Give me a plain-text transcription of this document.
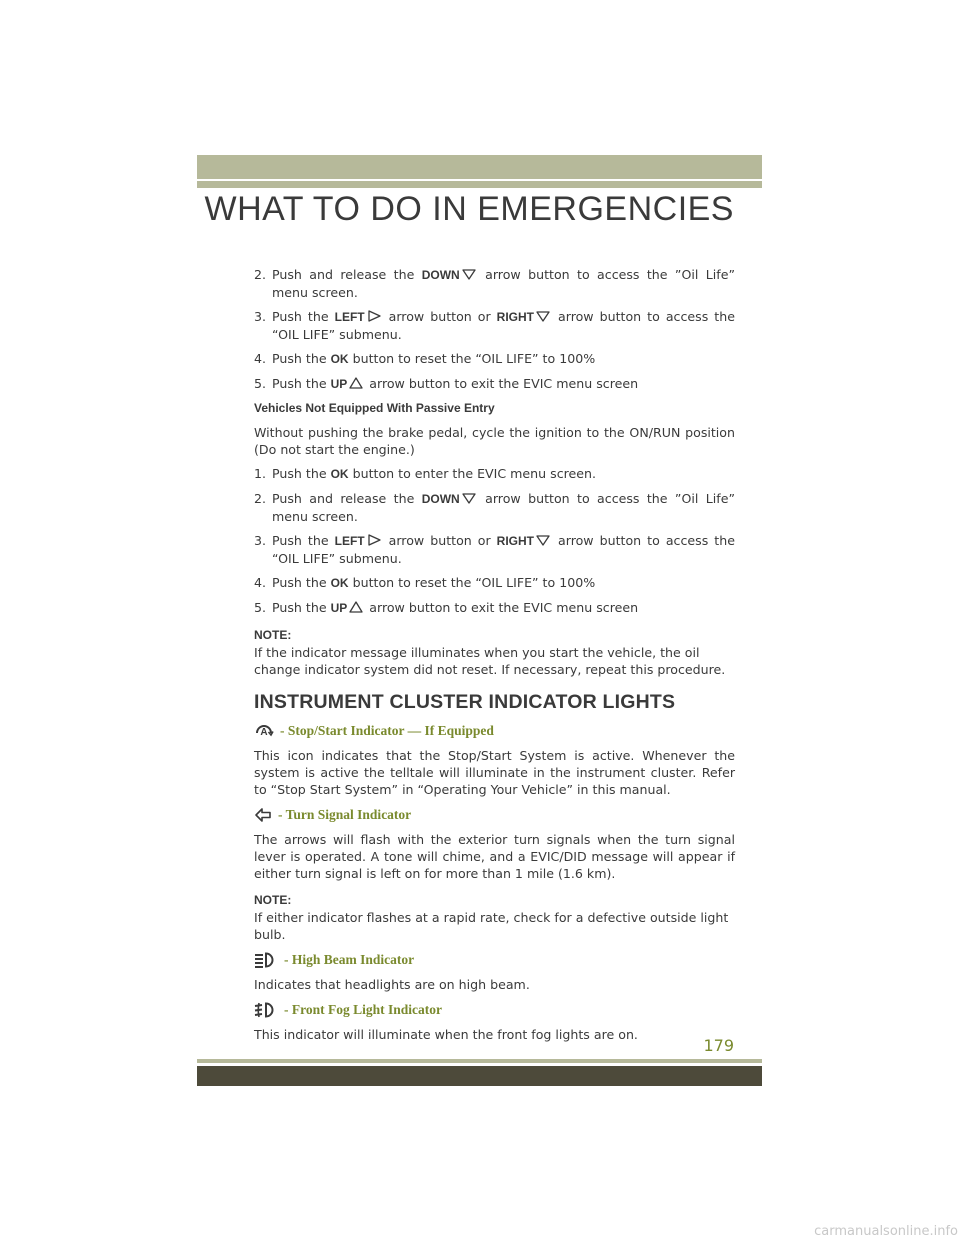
WHAT TO DO IN EMERGENCIES
2. Push and release the DOWN arrow button to access the ”Oil Life” menu screen.
3. Push the LEFT arrow button or RIGHT arrow button to access the “OIL LIFE” submenu.
4. Push the OK button to reset the “OIL LIFE” to 100%
5. Push the UP arrow button to exit the EVIC menu screen
Vehicles Not Equipped With Passive Entry
Without pushing the brake pedal, cycle the ignition to the ON/RUN position (Do not start the engine.)
1. Push the OK button to enter the EVIC menu screen.
2. Push and release the DOWN arrow button to access the ”Oil Life” menu screen.
3. Push the LEFT arrow button or RIGHT arrow button to access the “OIL LIFE” submenu.
4. Push the OK button to reset the “OIL LIFE” to 100%
5. Push the UP arrow button to exit the EVIC menu screen
NOTE:
If the indicator message illuminates when you start the vehicle, the oil change indicator system did not reset. If necessary, repeat this procedure.
INSTRUMENT CLUSTER INDICATOR LIGHTS
A - Stop/Start Indicator — If Equipped
This icon indicates that the Stop/Start System is active. Whenever the system is active the telltale will illuminate in the instrument cluster. Refer to “Stop Start System” in “Operating Your Vehicle” in this manual.
- Turn Signal Indicator
The arrows will flash with the exterior turn signals when the turn signal lever is operated. A tone will chime, and a EVIC/DID message will appear if either turn signal is left on for more than 1 mile (1.6 km).
NOTE:
If either indicator flashes at a rapid rate, check for a defective outside light bulb.
- High Beam Indicator
Indicates that headlights are on high beam.
- Front Fog Light Indicator
This indicator will illuminate when the front fog lights are on.
179
carmanualsonline.info
